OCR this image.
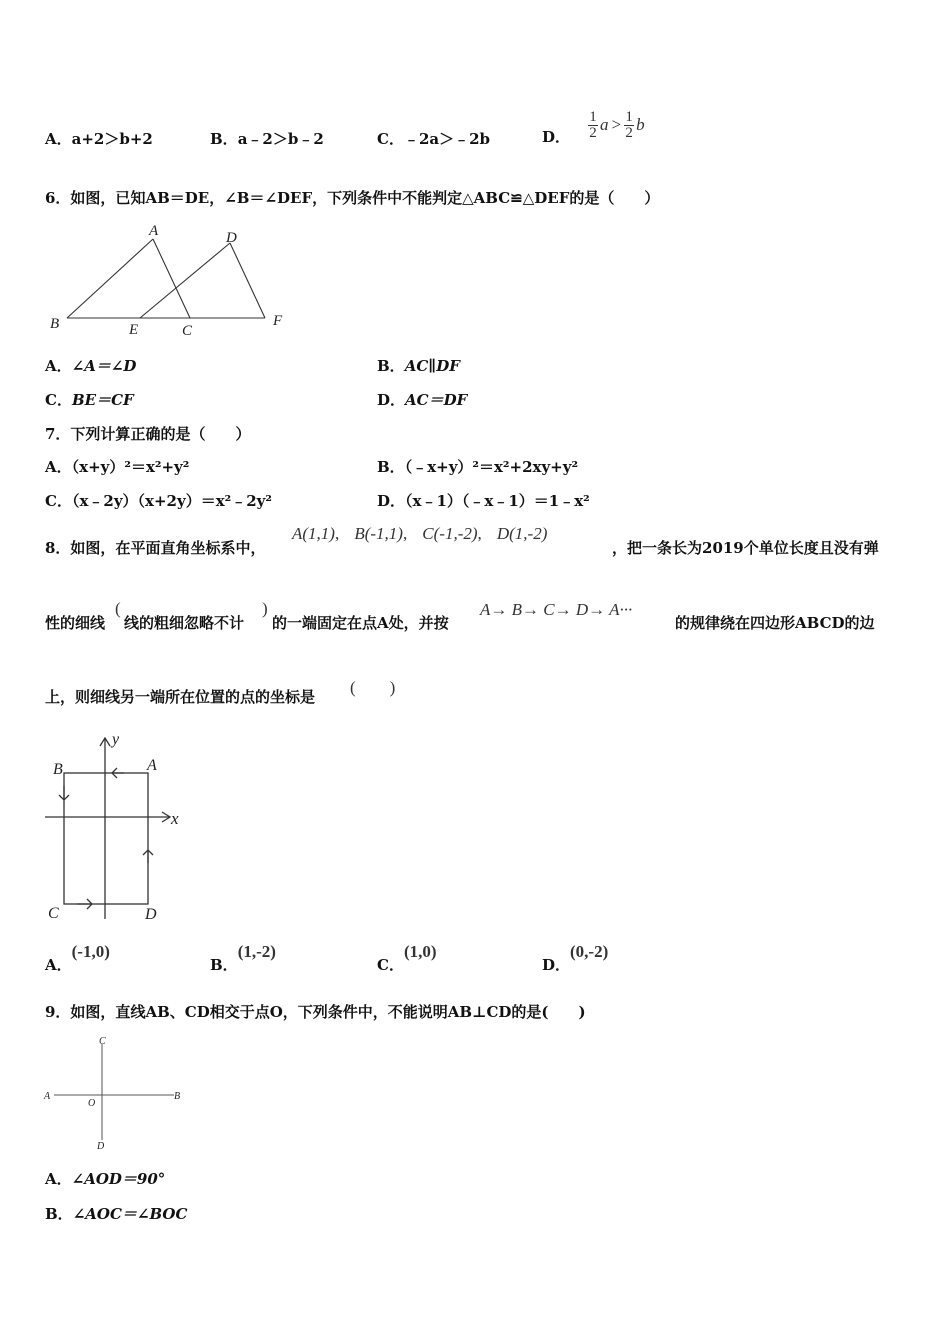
A．a+2＞b+2	B．a﹣2＞b﹣2	C．﹣2a＞﹣2b	D． $\frac{1}{2}$ $a > \frac{1}{2}$ b
6．如图，已知AB＝DE，∠B＝∠DEF，下列条件中不能判定△ABC≌△DEF的是（　　）
A	D
B	E	C
F
A．∠A＝∠D	B．AC∥DF
C．BE＝CF	D．AC＝DF
7．下列计算正确的是（　　）
A．（x+y）²＝x²+y²	B．（﹣x+y）²＝x²+2xy+y²
C．（x﹣2y）（x+2y）＝x²﹣2y²	D．（x﹣1）（﹣x﹣1）＝1﹣x²
8．如图，在平面直角坐标系中，
A(1,1), B(-1,1), C(-1,-2), D(1,-2)
，把一条长为2019个单位长度且没有弹
性的细线
(
线的粗细忽略不计
)
的一端固定在点A处，并按
A→ B→ C→ D→ A···
的规律绕在四边形ABCD的边
上，则细线另一端所在位置的点的坐标是 (　　)
y
x
A
B
C	D
A．(-1,0)
B．(1,-2)
C．(1,0)
D．(0,-2)
9．如图，直线AB、CD相交于点O，下列条件中，不能说明AB⊥CD的是(　　)
C
A
O
B
D
A．∠AOD＝90°
B．∠AOC＝∠BOC
